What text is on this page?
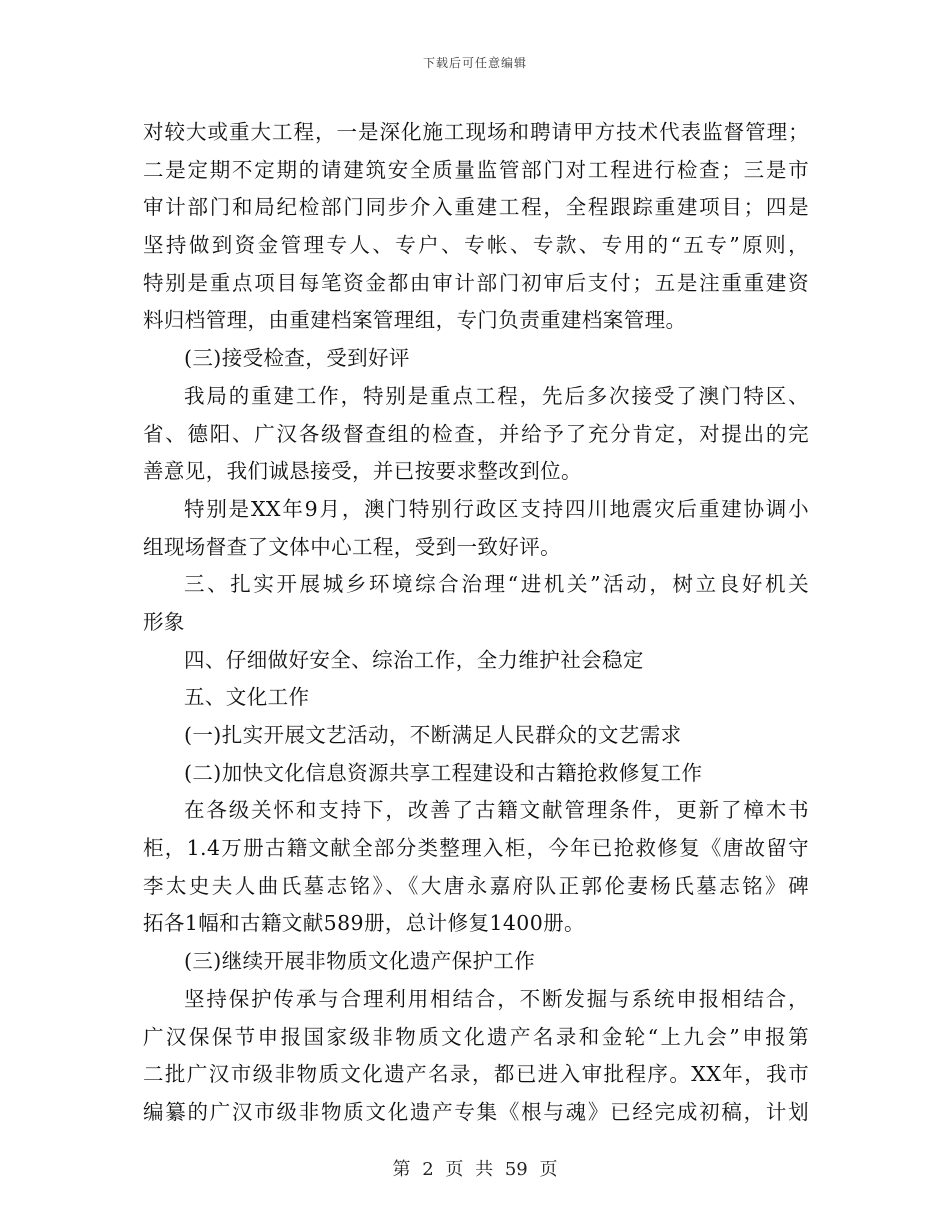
下载后可任意编辑
对较大或重大工程，一是深化施工现场和聘请甲方技术代表监督管理；
二是定期不定期的请建筑安全质量监管部门对工程进行检查；三是市
审计部门和局纪检部门同步介入重建工程，全程跟踪重建项目；四是
坚持做到资金管理专人、专户、专帐、专款、专用的“五专”原则，
特别是重点项目每笔资金都由审计部门初审后支付；五是注重重建资
料归档管理，由重建档案管理组，专门负责重建档案管理。
(三)接受检查，受到好评
我局的重建工作，特别是重点工程，先后多次接受了澳门特区、
省、德阳、广汉各级督查组的检查，并给予了充分肯定，对提出的完
善意见，我们诚恳接受，并已按要求整改到位。
特别是XX年9月，澳门特别行政区支持四川地震灾后重建协调小
组现场督查了文体中心工程，受到一致好评。
三、扎实开展城乡环境综合治理“进机关”活动，树立良好机关
形象
四、仔细做好安全、综治工作，全力维护社会稳定
五、文化工作
(一)扎实开展文艺活动，不断满足人民群众的文艺需求
(二)加快文化信息资源共享工程建设和古籍抢救修复工作
在各级关怀和支持下，改善了古籍文献管理条件，更新了樟木书
柜，1.4万册古籍文献全部分类整理入柜，今年已抢救修复《唐故留守
李太史夫人曲氏墓志铭》、《大唐永嘉府队正郭伦妻杨氏墓志铭》碑
拓各1幅和古籍文献589册，总计修复1400册。
(三)继续开展非物质文化遗产保护工作
坚持保护传承与合理利用相结合，不断发掘与系统申报相结合，
广汉保保节申报国家级非物质文化遗产名录和金轮“上九会”申报第
二批广汉市级非物质文化遗产名录，都已进入审批程序。XX年，我市
编纂的广汉市级非物质文化遗产专集《根与魂》已经完成初稿，计划
第 2 页 共 59 页
